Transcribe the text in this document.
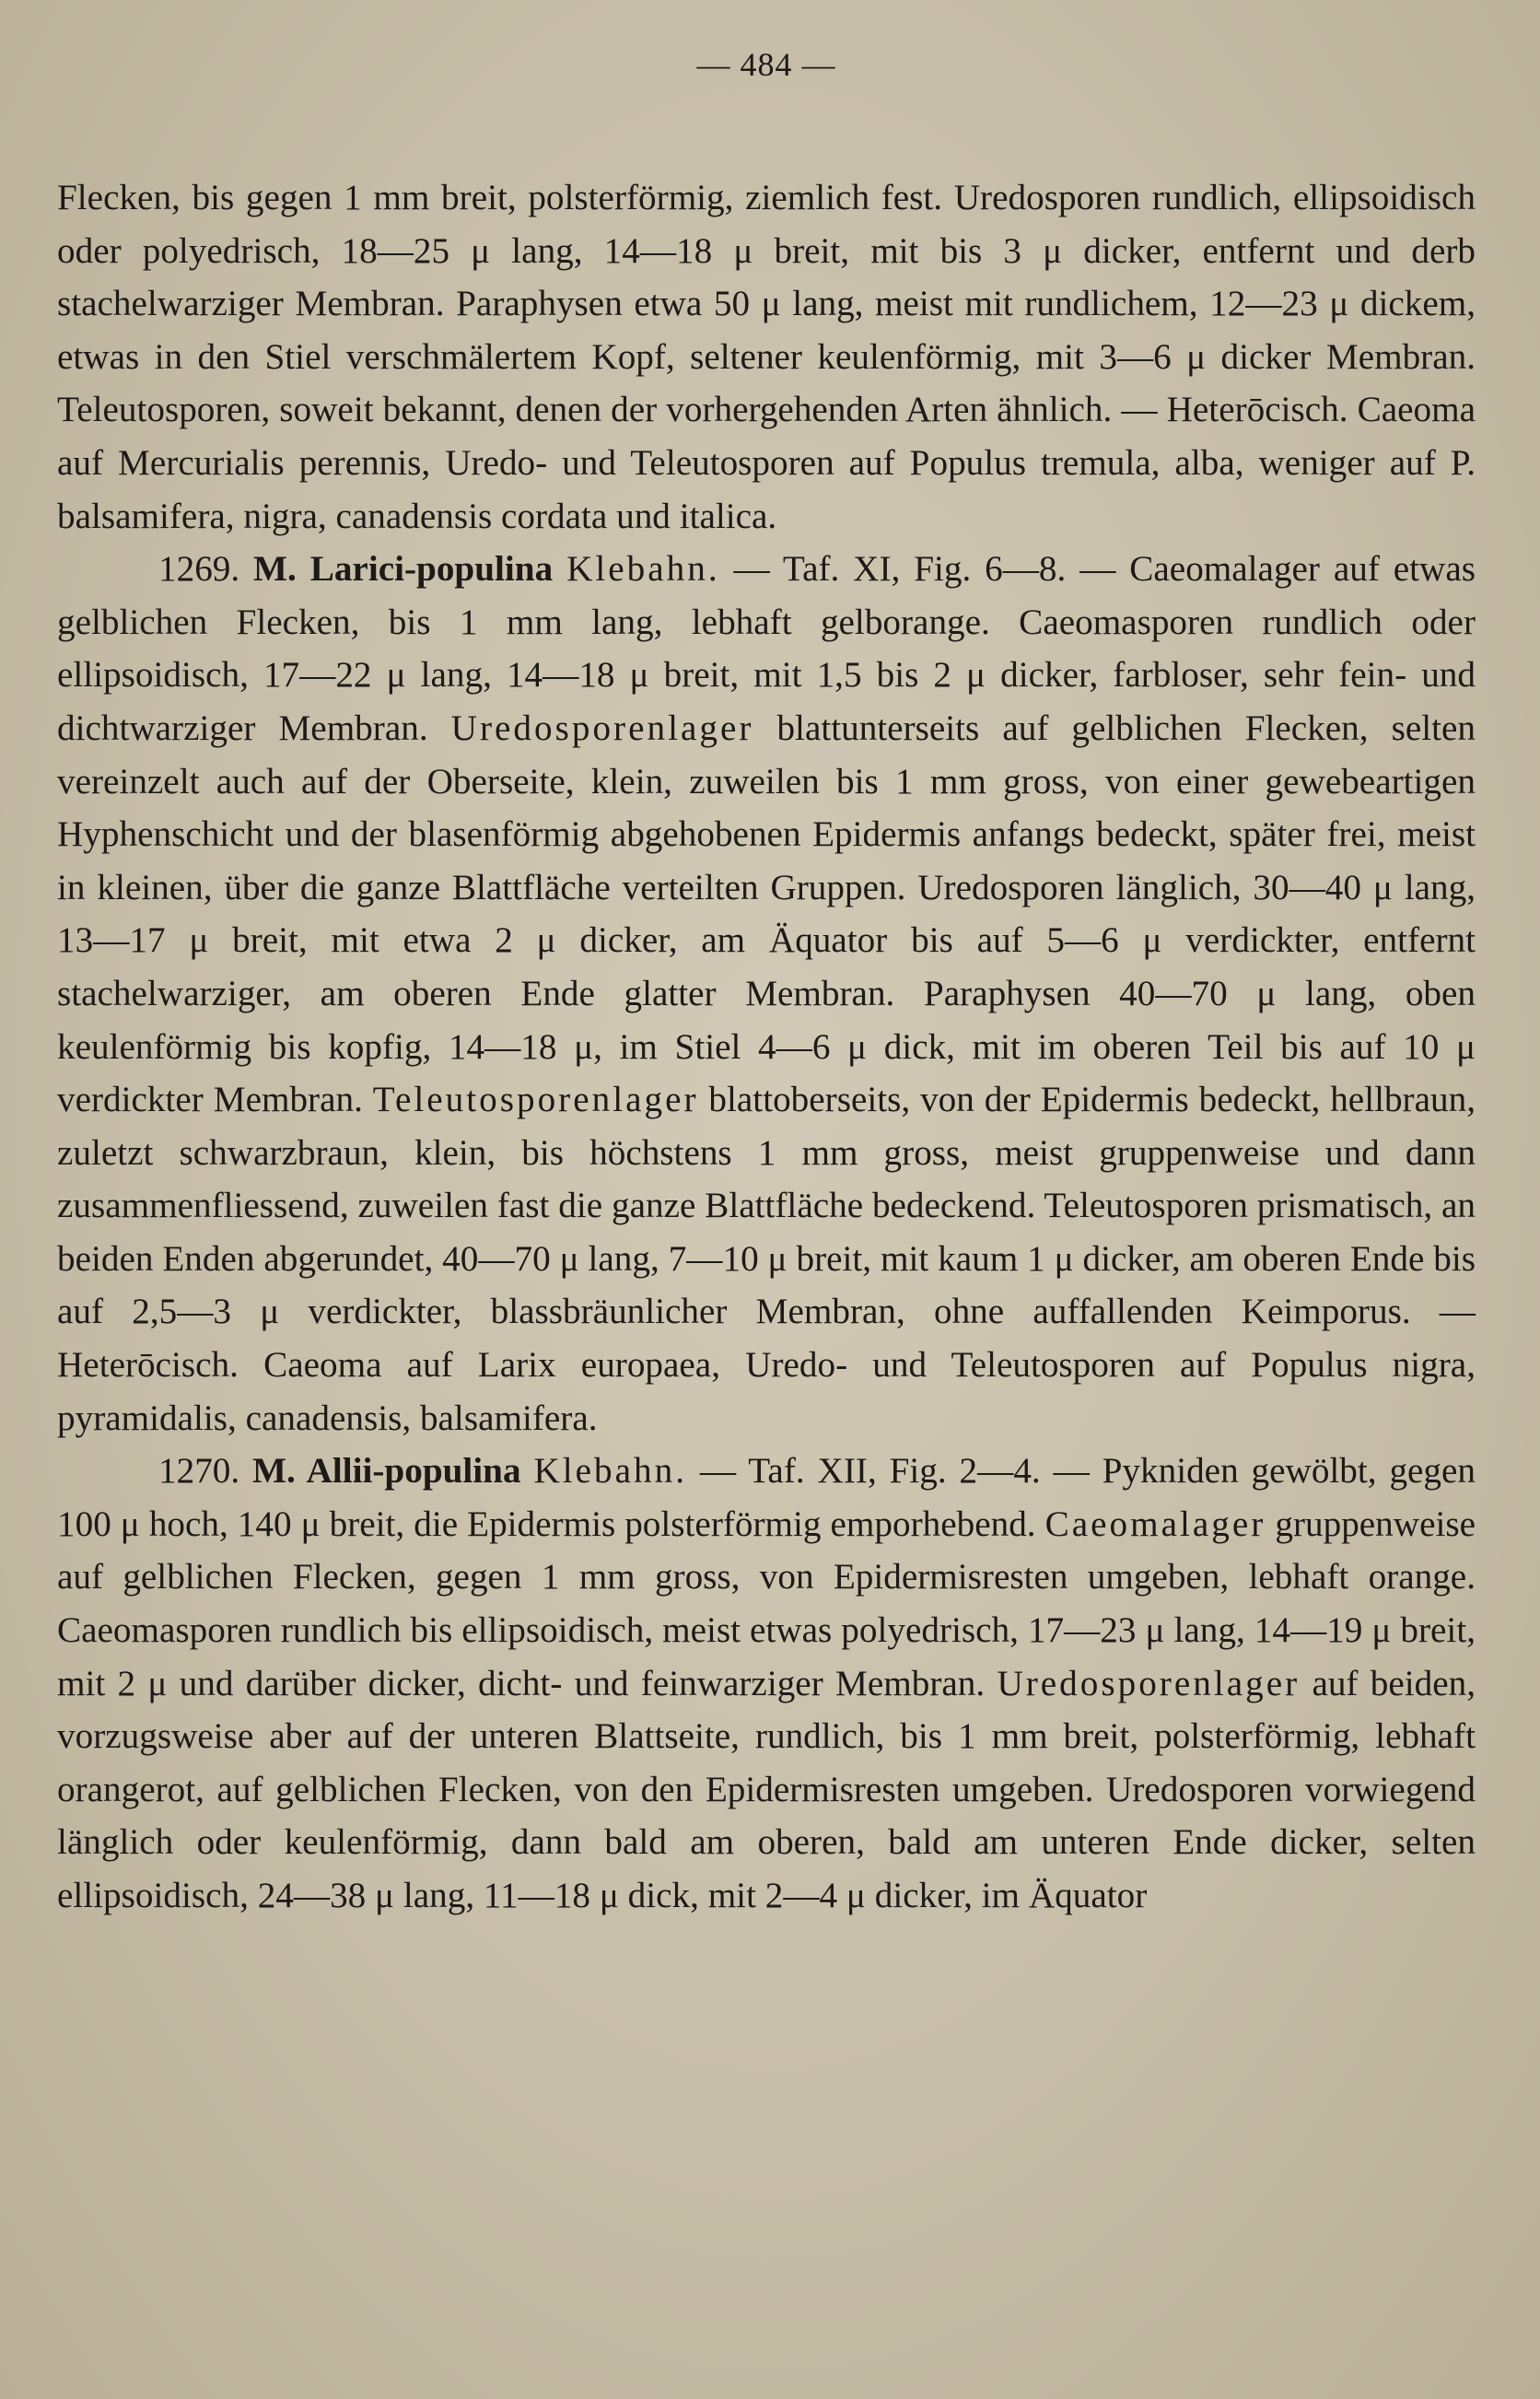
— 484 —

Flecken, bis gegen 1 mm breit, polsterförmig, ziemlich fest. Uredosporen rundlich, ellipsoidisch oder polyedrisch, 18—25 μ lang, 14—18 μ breit, mit bis 3 μ dicker, entfernt und derb stachelwarziger Membran. Paraphysen etwa 50 μ lang, meist mit rundlichem, 12—23 μ dickem, etwas in den Stiel verschmälertem Kopf, seltener keulenförmig, mit 3—6 μ dicker Membran. Teleutosporen, soweit bekannt, denen der vorhergehenden Arten ähnlich. — Heterōcisch. Caeoma auf Mercurialis perennis, Uredo- und Teleutosporen auf Populus tremula, alba, weniger auf P. balsamifera, nigra, canadensis cordata und italica.

1269. M. Larici-populina Klebahn. — Taf. XI, Fig. 6—8. — Caeomalager auf etwas gelblichen Flecken, bis 1 mm lang, lebhaft gelborange. Caeomasporen rundlich oder ellipsoidisch, 17—22 μ lang, 14—18 μ breit, mit 1,5 bis 2 μ dicker, farbloser, sehr fein- und dichtwarziger Membran. Uredosporenlager blattunterseits auf gelblichen Flecken, selten vereinzelt auch auf der Oberseite, klein, zuweilen bis 1 mm gross, von einer gewebeartigen Hyphenschicht und der blasenförmig abgehobenen Epidermis anfangs bedeckt, später frei, meist in kleinen, über die ganze Blattfläche verteilten Gruppen. Uredosporen länglich, 30—40 μ lang, 13—17 μ breit, mit etwa 2 μ dicker, am Äquator bis auf 5—6 μ verdickter, entfernt stachelwarziger, am oberen Ende glatter Membran. Paraphysen 40—70 μ lang, oben keulenförmig bis kopfig, 14—18 μ, im Stiel 4—6 μ dick, mit im oberen Teil bis auf 10 μ verdickter Membran. Teleutosporenlager blattoberseits, von der Epidermis bedeckt, hellbraun, zuletzt schwarzbraun, klein, bis höchstens 1 mm gross, meist gruppenweise und dann zusammenfliessend, zuweilen fast die ganze Blattfläche bedeckend. Teleutosporen prismatisch, an beiden Enden abgerundet, 40—70 μ lang, 7—10 μ breit, mit kaum 1 μ dicker, am oberen Ende bis auf 2,5—3 μ verdickter, blassbräunlicher Membran, ohne auffallenden Keimporus. — Heterōcisch. Caeoma auf Larix europaea, Uredo- und Teleutosporen auf Populus nigra, pyramidalis, canadensis, balsamifera.

1270. M. Allii-populina Klebahn. — Taf. XII, Fig. 2—4. — Pykniden gewölbt, gegen 100 μ hoch, 140 μ breit, die Epidermis polsterförmig emporhebend. Caeomalager gruppenweise auf gelblichen Flecken, gegen 1 mm gross, von Epidermisresten umgeben, lebhaft orange. Caeomasporen rundlich bis ellipsoidisch, meist etwas polyedrisch, 17—23 μ lang, 14—19 μ breit, mit 2 μ und darüber dicker, dicht- und feinwarziger Membran. Uredosporenlager auf beiden, vorzugsweise aber auf der unteren Blattseite, rundlich, bis 1 mm breit, polsterförmig, lebhaft orangerot, auf gelblichen Flecken, von den Epidermisresten umgeben. Uredosporen vorwiegend länglich oder keulenförmig, dann bald am oberen, bald am unteren Ende dicker, selten ellipsoidisch, 24—38 μ lang, 11—18 μ dick, mit 2—4 μ dicker, im Äquator
